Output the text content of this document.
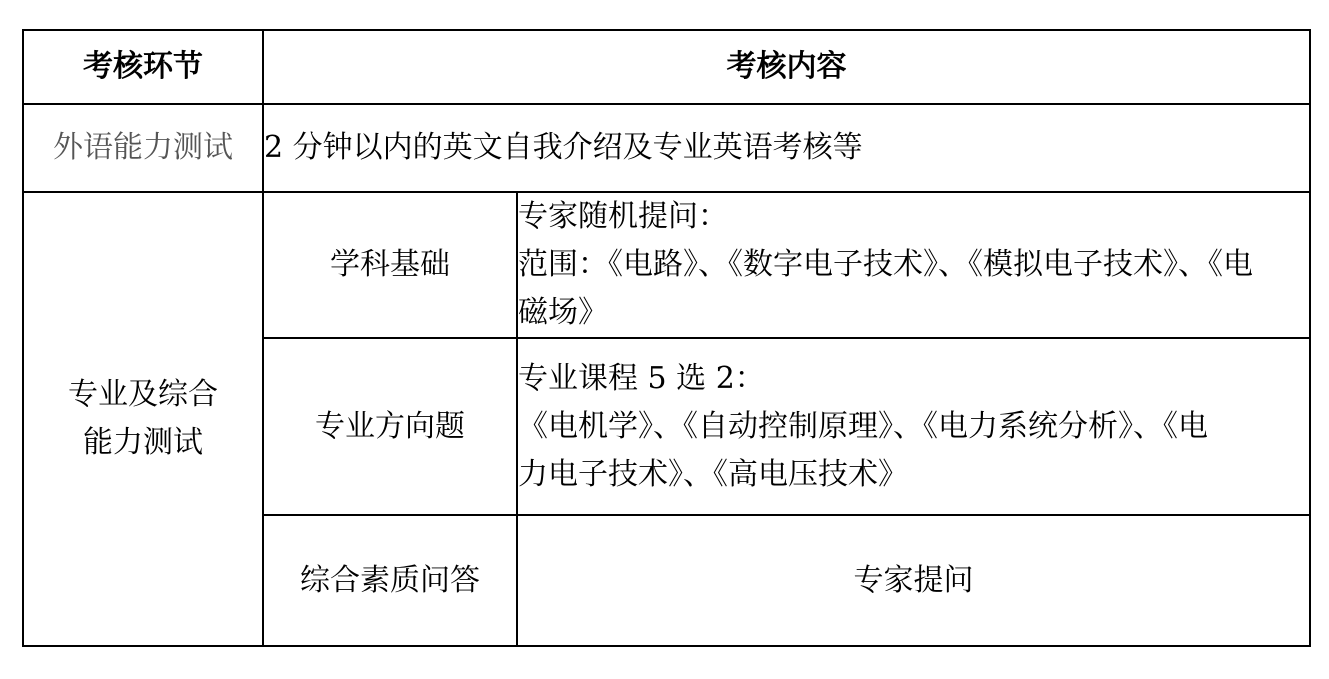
考核环节	考核内容	
外语能力测试	2 分钟以内的英文自我介绍及专业英语考核等	

专业及综合
能力测试	学科基础	专家随机提问：
范围：《电路》、《数字电子技术》、《模拟电子技术》、《电
磁场》

	专业方向题	专业课程 5 选 2：
《电机学》、《自动控制原理》、《电力系统分析》、《电
力电子技术》、《高电压技术》

	综合素质问答	专家提问
